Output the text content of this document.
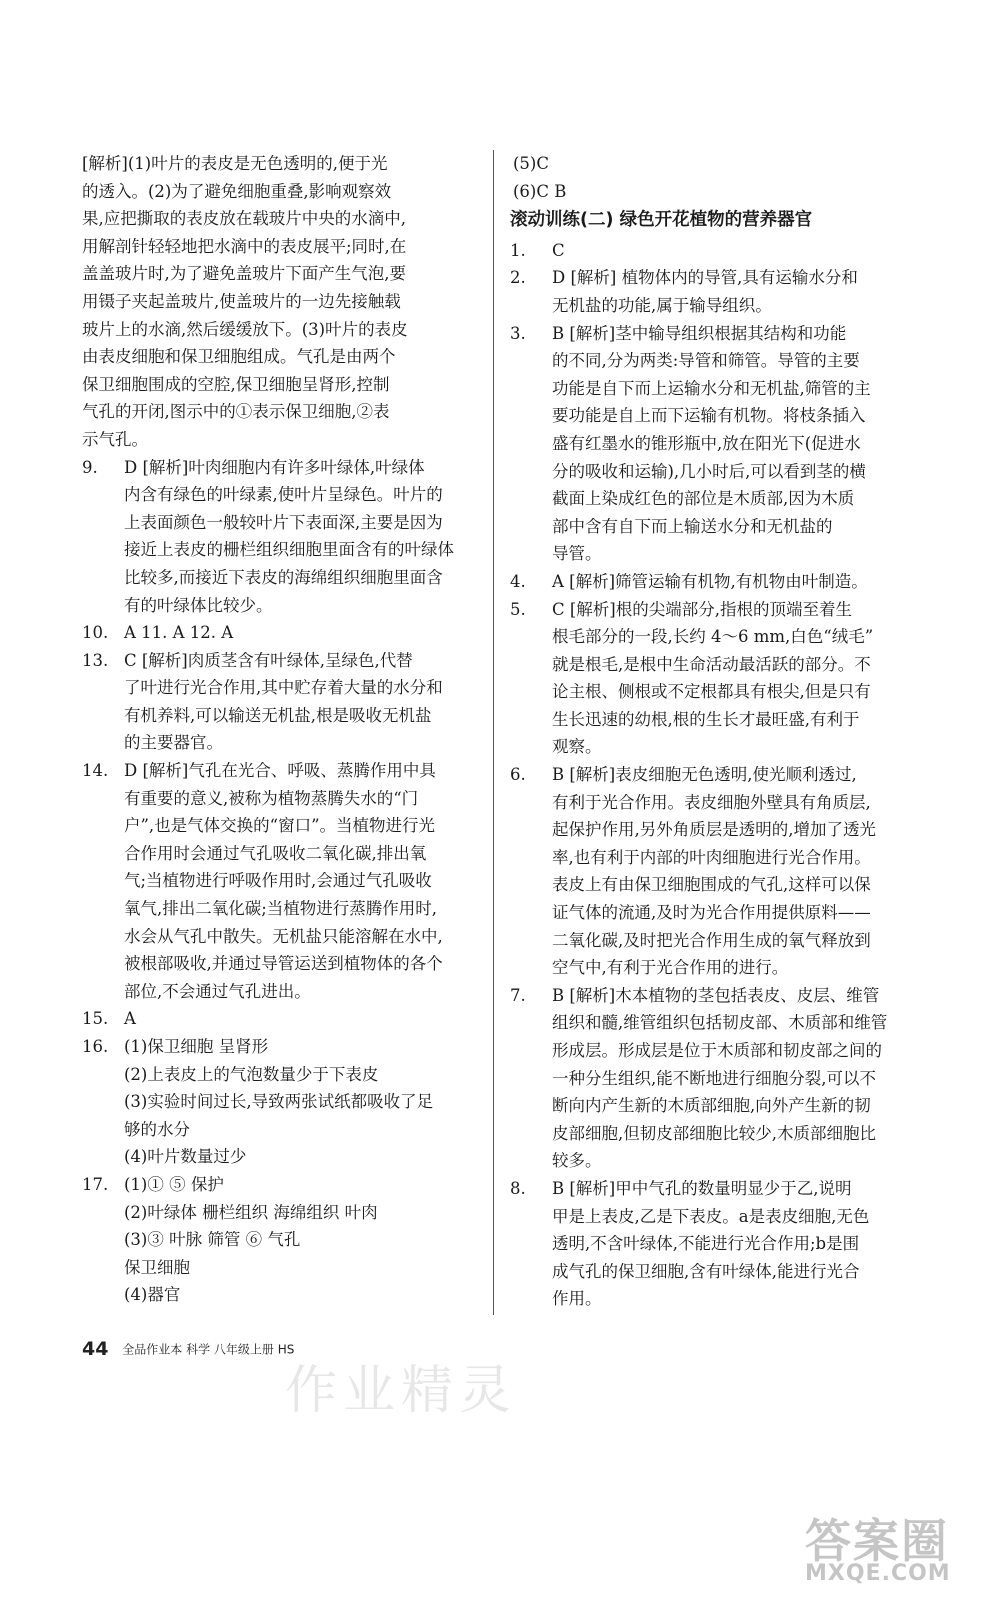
[解析](1)叶片的表皮是无色透明的,便于光
的透入。(2)为了避免细胞重叠,影响观察效
果,应把撕取的表皮放在载玻片中央的水滴中,
用解剖针轻轻地把水滴中的表皮展平;同时,在
盖盖玻片时,为了避免盖玻片下面产生气泡,要
用镊子夹起盖玻片,使盖玻片的一边先接触载
玻片上的水滴,然后缓缓放下。(3)叶片的表皮
由表皮细胞和保卫细胞组成。气孔是由两个
保卫细胞围成的空腔,保卫细胞呈肾形,控制
气孔的开闭,图示中的①表示保卫细胞,②表
示气孔。
9. D [解析]叶肉细胞内有许多叶绿体,叶绿体
内含有绿色的叶绿素,使叶片呈绿色。叶片的
上表面颜色一般较叶片下表面深,主要是因为
接近上表皮的栅栏组织细胞里面含有的叶绿体
比较多,而接近下表皮的海绵组织细胞里面含
有的叶绿体比较少。
10. A 11. A 12. A
13. C [解析]肉质茎含有叶绿体,呈绿色,代替
了叶进行光合作用,其中贮存着大量的水分和
有机养料,可以输送无机盐,根是吸收无机盐
的主要器官。
14. D [解析]气孔在光合、呼吸、蒸腾作用中具
有重要的意义,被称为植物蒸腾失水的“门
户”,也是气体交换的“窗口”。当植物进行光
合作用时会通过气孔吸收二氧化碳,排出氧
气;当植物进行呼吸作用时,会通过气孔吸收
氧气,排出二氧化碳;当植物进行蒸腾作用时,
水会从气孔中散失。无机盐只能溶解在水中,
被根部吸收,并通过导管运送到植物体的各个
部位,不会通过气孔进出。
15. A
16. (1)保卫细胞 呈肾形
(2)上表皮上的气泡数量少于下表皮
(3)实验时间过长,导致两张试纸都吸收了足
够的水分
(4)叶片数量过少
17. (1)① ⑤ 保护
(2)叶绿体 栅栏组织 海绵组织 叶肉
(3)③ 叶脉 筛管 ⑥ 气孔
保卫细胞
(4)器官
(5)C
(6)C B
滚动训练(二) 绿色开花植物的营养器官
1. C
2. D [解析] 植物体内的导管,具有运输水分和
无机盐的功能,属于输导组织。
3. B [解析]茎中输导组织根据其结构和功能
的不同,分为两类:导管和筛管。导管的主要
功能是自下而上运输水分和无机盐,筛管的主
要功能是自上而下运输有机物。将枝条插入
盛有红墨水的锥形瓶中,放在阳光下(促进水
分的吸收和运输),几小时后,可以看到茎的横
截面上染成红色的部位是木质部,因为木质
部中含有自下而上输送水分和无机盐的
导管。
4. A [解析]筛管运输有机物,有机物由叶制造。
5. C [解析]根的尖端部分,指根的顶端至着生
根毛部分的一段,长约 4～6 mm,白色“绒毛”
就是根毛,是根中生命活动最活跃的部分。不
论主根、侧根或不定根都具有根尖,但是只有
生长迅速的幼根,根的生长才最旺盛,有利于
观察。
6. B [解析]表皮细胞无色透明,使光顺利透过,
有利于光合作用。表皮细胞外壁具有角质层,
起保护作用,另外角质层是透明的,增加了透光
率,也有利于内部的叶肉细胞进行光合作用。
表皮上有由保卫细胞围成的气孔,这样可以保
证气体的流通,及时为光合作用提供原料——
二氧化碳,及时把光合作用生成的氧气释放到
空气中,有利于光合作用的进行。
7. B [解析]木本植物的茎包括表皮、皮层、维管
组织和髓,维管组织包括韧皮部、木质部和维管
形成层。形成层是位于木质部和韧皮部之间的
一种分生组织,能不断地进行细胞分裂,可以不
断向内产生新的木质部细胞,向外产生新的韧
皮部细胞,但韧皮部细胞比较少,木质部细胞比
较多。
8. B [解析]甲中气孔的数量明显少于乙,说明
甲是上表皮,乙是下表皮。a是表皮细胞,无色
透明,不含叶绿体,不能进行光合作用;b是围
成气孔的保卫细胞,含有叶绿体,能进行光合
作用。
作业精灵
44 全品作业本 科学 八年级上册 HS
答案圈
MXQE.COM
